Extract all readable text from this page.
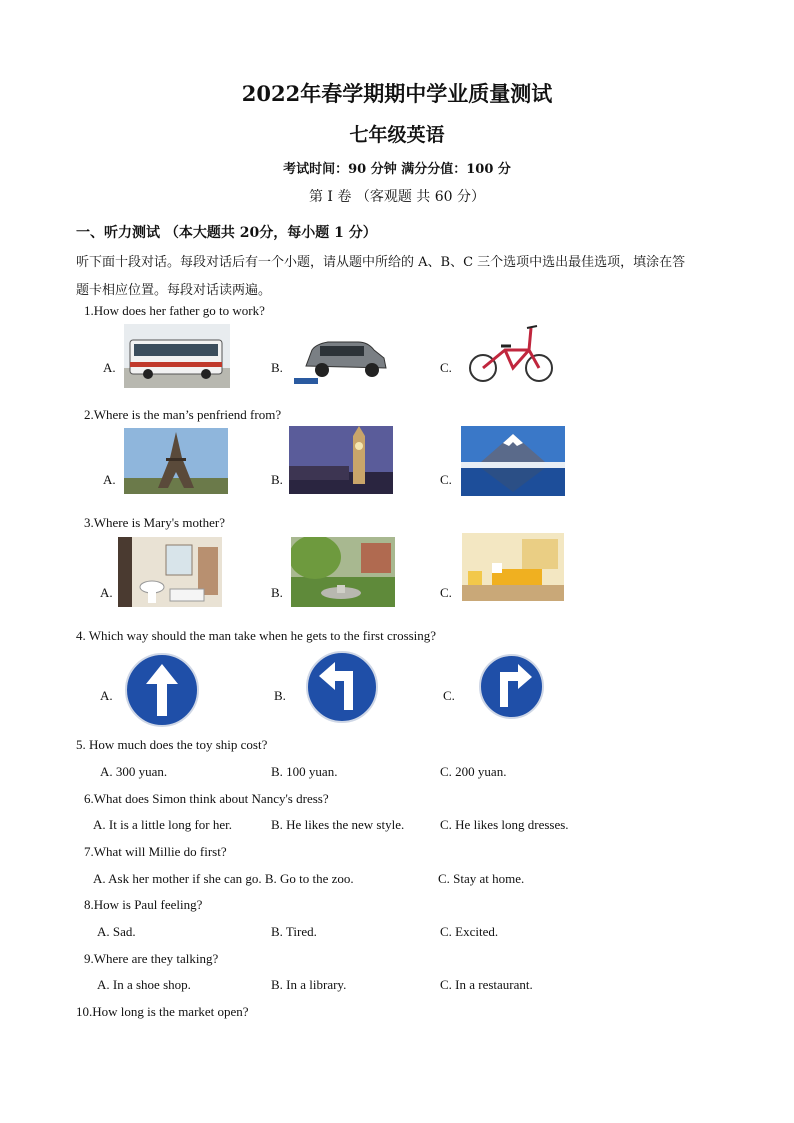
2022年春学期期中学业质量测试
七年级英语
考试时间：90 分钟 满分分值：100 分
第 Ⅰ 卷 （客观题 共 60 分）
一、听力测试 （本大题共 20分，每小题 1 分）
听下面十段对话。每段对话后有一个小题，请从题中所给的 A、B、C 三个选项中选出最佳选项，填涂在答
题卡相应位置。每段对话读两遍。
1.How does her father go to work?
A.	B.	C.
2.Where is the man’s penfriend from?
A.	B.	C.
3.Where is Mary's mother?
A.	B.	C.
4. Which way should the man take when he gets to the first crossing?
A.	B.	C.
5. How much does the toy ship cost?
A. 300 yuan.	B. 100 yuan.	C. 200 yuan.
6.What does Simon think about Nancy's dress?
A. It is a little long for her.	B. He likes the new style.	C. He likes long dresses.
7.What will Millie do first?
A. Ask her mother if she can go. B. Go to the zoo.	C. Stay at home.
8.How is Paul feeling?
A. Sad.	B. Tired.	C. Excited.
9.Where are they talking?
A. In a shoe shop.	B. In a library.	C. In a restaurant.
10.How long is the market open?
